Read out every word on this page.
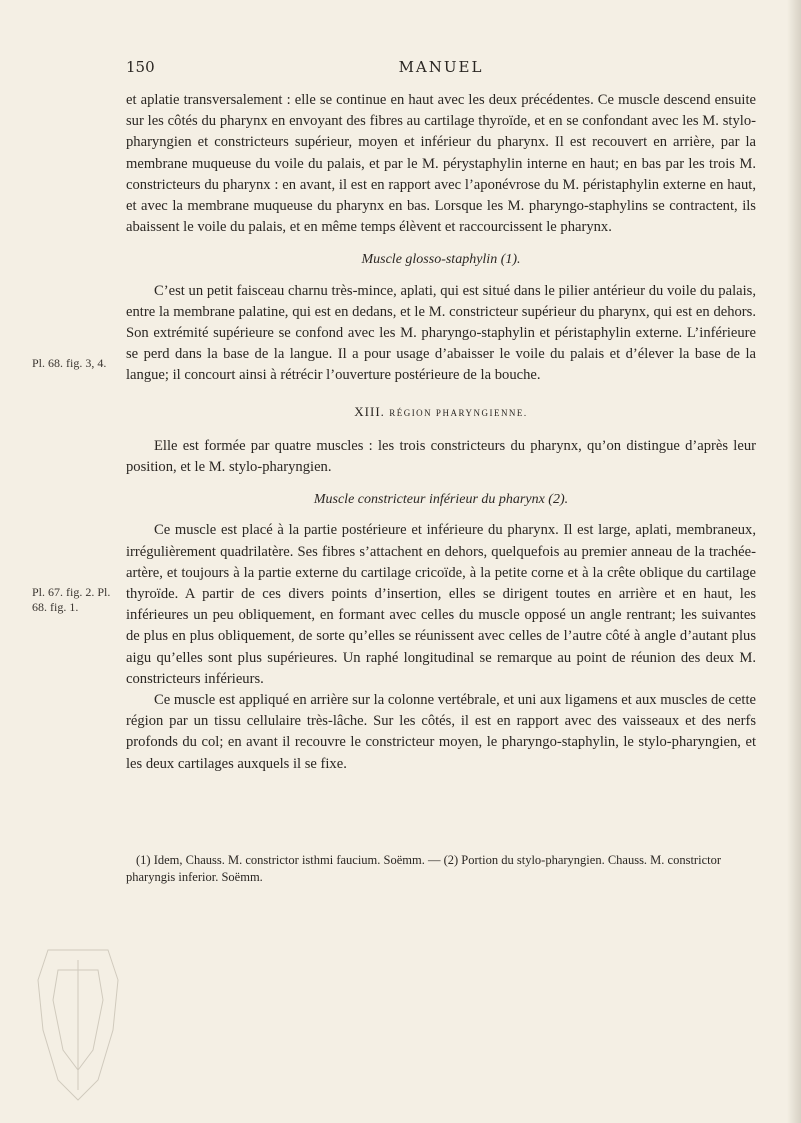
150	MANUEL
Pl. 68. fig. 3, 4.
Pl. 67. fig. 2. Pl. 68. fig. 1.

et aplatie transversalement : elle se continue en haut avec les deux précédentes. Ce muscle descend ensuite sur les côtés du pharynx en envoyant des fibres au cartilage thyroïde, et en se confondant avec les M. stylo-pharyngien et constricteurs supérieur, moyen et inférieur du pharynx. Il est recouvert en arrière, par la membrane muqueuse du voile du palais, et par le M. pérystaphylin interne en haut; en bas par les trois M. constricteurs du pharynx : en avant, il est en rapport avec l’aponévrose du M. péristaphylin externe en haut, et avec la membrane muqueuse du pharynx en bas. Lorsque les M. pharyngo-staphylins se contractent, ils abaissent le voile du palais, et en même temps élèvent et raccourcissent le pharynx.

Muscle glosso-staphylin (1).

C’est un petit faisceau charnu très-mince, aplati, qui est situé dans le pilier antérieur du voile du palais, entre la membrane palatine, qui est en dedans, et le M. constricteur supérieur du pharynx, qui est en dehors. Son extrémité supérieure se confond avec les M. pharyngo-staphylin et péristaphylin externe. L’inférieure se perd dans la base de la langue. Il a pour usage d’abaisser le voile du palais et d’élever la base de la langue; il concourt ainsi à rétrécir l’ouverture postérieure de la bouche.

XIII. RÉGION PHARYNGIENNE.

Elle est formée par quatre muscles : les trois constricteurs du pharynx, qu’on distingue d’après leur position, et le M. stylo-pharyngien.

Muscle constricteur inférieur du pharynx (2).

Ce muscle est placé à la partie postérieure et inférieure du pharynx. Il est large, aplati, membraneux, irrégulièrement quadrilatère. Ses fibres s’attachent en dehors, quelquefois au premier anneau de la trachée-artère, et toujours à la partie externe du cartilage cricoïde, à la petite corne et à la crête oblique du cartilage thyroïde. A partir de ces divers points d’insertion, elles se dirigent toutes en arrière et en haut, les inférieures un peu obliquement, en formant avec celles du muscle opposé un angle rentrant; les suivantes de plus en plus obliquement, de sorte qu’elles se réunissent avec celles de l’autre côté à angle d’autant plus aigu qu’elles sont plus supérieures. Un raphé longitudinal se remarque au point de réunion des deux M. constricteurs inférieurs.

Ce muscle est appliqué en arrière sur la colonne vertébrale, et uni aux ligamens et aux muscles de cette région par un tissu cellulaire très-lâche. Sur les côtés, il est en rapport avec des vaisseaux et des nerfs profonds du col; en avant il recouvre le constricteur moyen, le pharyngo-staphylin, le stylo-pharyngien, et les deux cartilages auxquels il se fixe.

(1) Idem, Chauss. M. constrictor isthmi faucium. Soëmm. — (2) Portion du stylo-pharyngien. Chauss. M. constrictor pharyngis inferior. Soëmm.
